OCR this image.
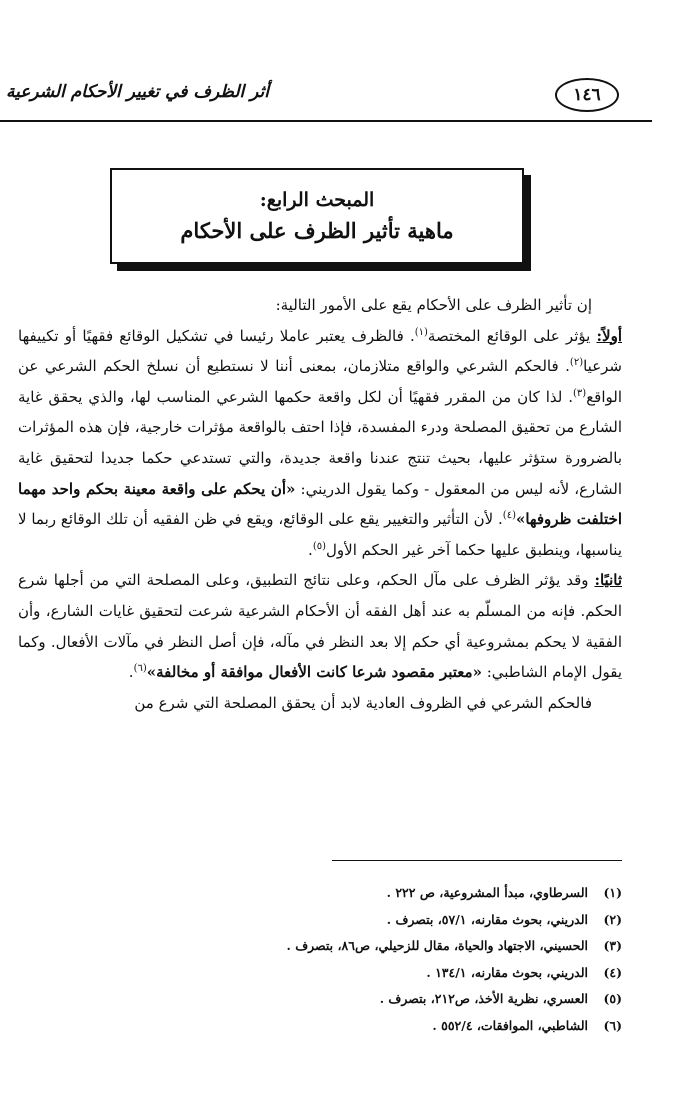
أثر الظرف في تغيير الأحكام الشرعية	١٤٦
المبحث الرابع:
ماهية تأثير الظرف على الأحكام

إن تأثير الظرف على الأحكام يقع على الأمور التالية:

أولاً: يؤثر على الوقائع المختصة$^{(١)}$. فالظرف يعتبر عاملا رئيسا في تشكيل الوقائع فقهيًا أو تكييفها شرعيا$^{(٢)}$. فالحكم الشرعي والواقع متلازمان، بمعنى أننا لا نستطيع أن نسلخ الحكم الشرعي عن الواقع$^{(٣)}$. لذا كان من المقرر فقهيًا أن لكل واقعة حكمها الشرعي المناسب لها، والذي يحقق غاية الشارع من تحقيق المصلحة ودرء المفسدة، فإذا احتف بالواقعة مؤثرات خارجية، فإن هذه المؤثرات بالضرورة ستؤثر عليها، بحيث تنتج عندنا واقعة جديدة، والتي تستدعي حكما جديدا لتحقيق غاية الشارع، لأنه ليس من المعقول - وكما يقول الدريني: «أن يحكم على واقعة معينة بحكم واحد مهما اختلفت ظروفها»$^{(٤)}$. لأن التأثير والتغيير يقع على الوقائع، ويقع في ظن الفقيه أن تلك الوقائع ربما لا يناسبها، وينطبق عليها حكما آخر غير الحكم الأول$^{(٥)}$.

ثانيًا: وقد يؤثر الظرف على مآل الحكم، وعلى نتائج التطبيق، وعلى المصلحة التي من أجلها شرع الحكم. فإنه من المسلّم به عند أهل الفقه أن الأحكام الشرعية شرعت لتحقيق غايات الشارع، وأن الفقية لا يحكم بمشروعية أي حكم إلا بعد النظر في مآله، فإن أصل النظر في مآلات الأفعال. وكما يقول الإمام الشاطبي: «معتبر مقصود شرعا كانت الأفعال موافقة أو مخالفة»$^{(٦)}$.

فالحكم الشرعي في الظروف العادية لابد أن يحقق المصلحة التي شرع من

(١)
السرطاوي، مبدأ المشروعية، ص ٢٢٢ .
(٢)
الدريني، بحوث مقارنه، ٥٧/١، بتصرف .
(٣)
الحسيني، الاجتهاد والحياة، مقال للزحيلي، ص٨٦، بتصرف .
(٤)
الدريني، بحوث مقارنه، ١٣٤/١ .
(٥)
العسري، نظرية الأخذ، ص٢١٢، بتصرف .
(٦)
الشاطبي، الموافقات، ٥٥٢/٤ .
